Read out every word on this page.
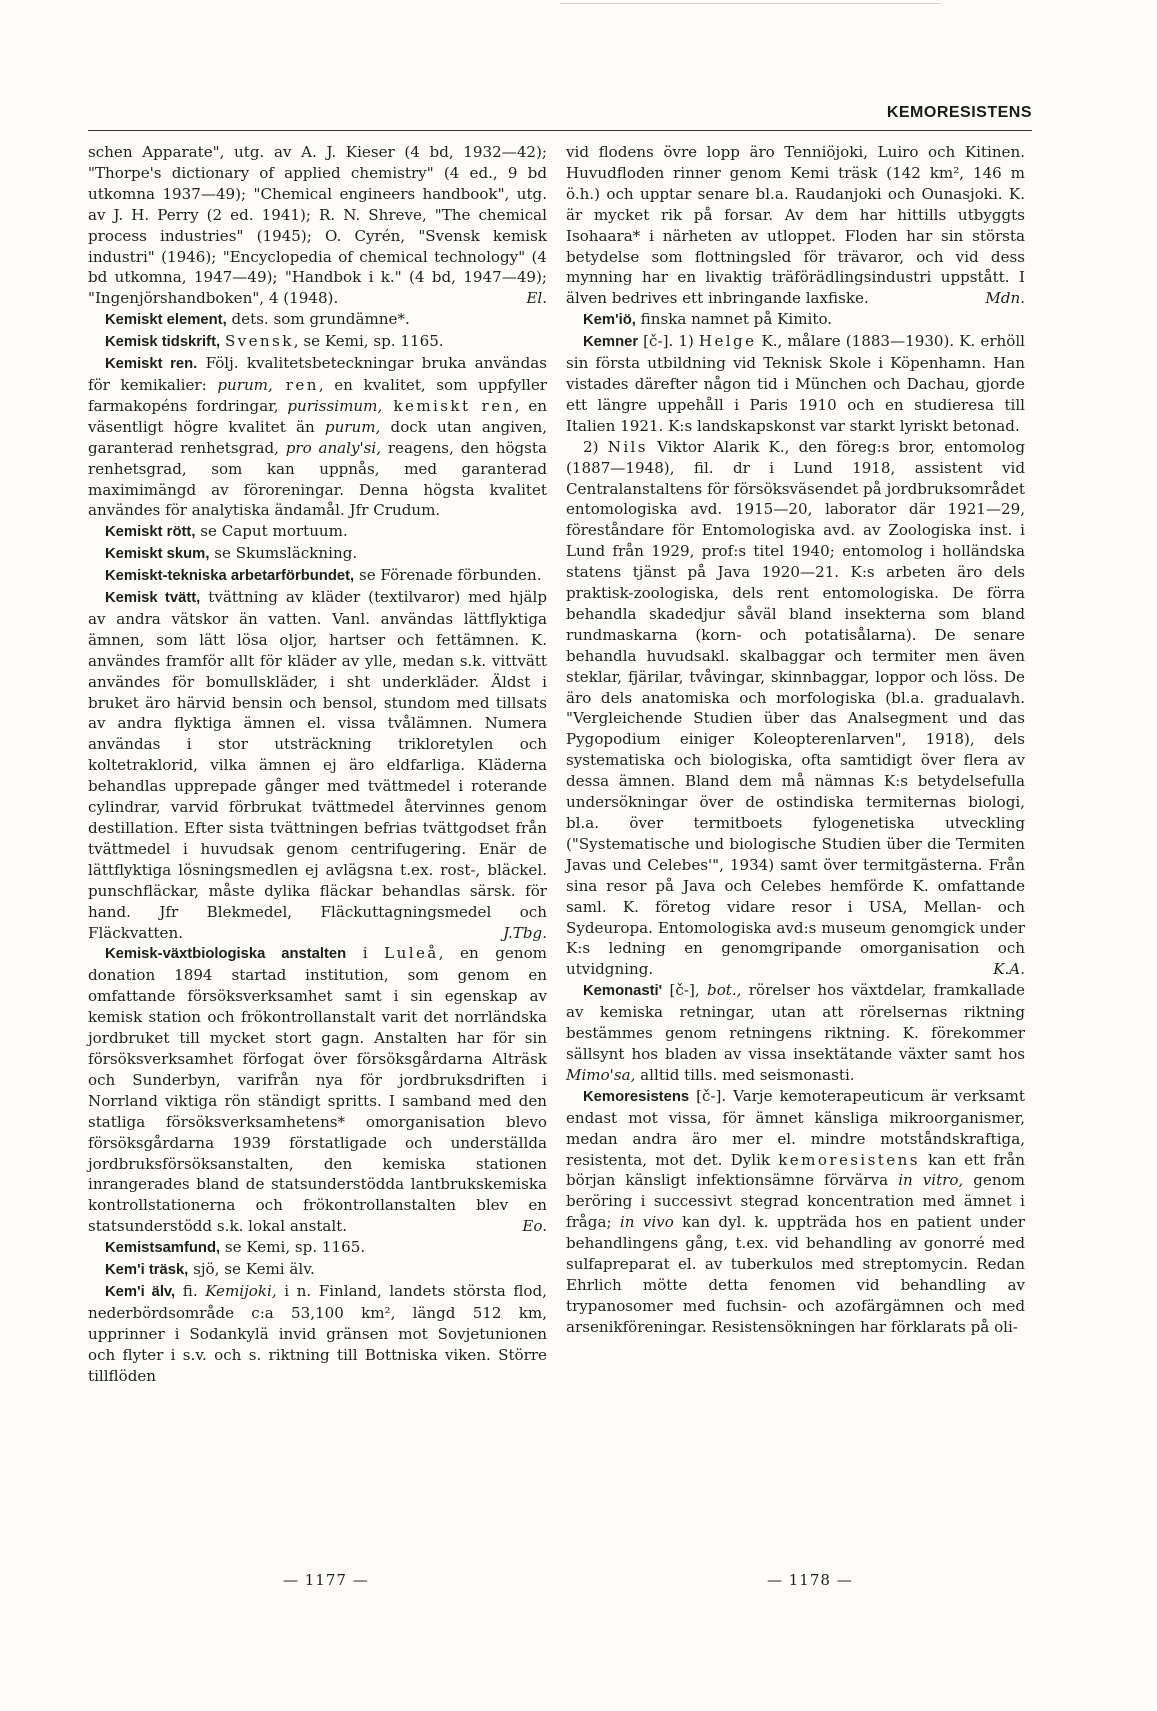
KEMORESISTENS

schen Apparate", utg. av A. J. Kieser (4 bd, 1932—42); "Thorpe's dictionary of applied chemistry" (4 ed., 9 bd utkomna 1937—49); "Chemical engineers handbook", utg. av J. H. Perry (2 ed. 1941); R. N. Shreve, "The chemical process industries" (1945); O. Cyrén, "Svensk kemisk industri" (1946); "Encyclopedia of chemical technology" (4 bd utkomna, 1947—49); "Handbok i k." (4 bd, 1947—49); "Ingenjörshandboken", 4 (1948).	El.

Kemiskt element, dets. som grundämne*.

Kemisk tidskrift, Svensk, se Kemi, sp. 1165.

Kemiskt ren. Följ. kvalitetsbeteckningar bruka användas för kemikalier: purum, ren, en kvalitet, som uppfyller farmakopéns fordringar, purissimum, kemiskt ren, en väsentligt högre kvalitet än purum, dock utan angiven, garanterad renhetsgrad, pro analy'si, reagens, den högsta renhetsgrad, som kan uppnås, med garanterad maximimängd av föroreningar. Denna högsta kvalitet användes för analytiska ändamål. Jfr Crudum.

Kemiskt rött, se Caput mortuum.

Kemiskt skum, se Skumsläckning.

Kemiskt-tekniska arbetarförbundet, se Förenade förbunden.

Kemisk tvätt, tvättning av kläder (textilvaror) med hjälp av andra vätskor än vatten. Vanl. användas lättflyktiga ämnen, som lätt lösa oljor, hartser och fettämnen. K. användes framför allt för kläder av ylle, medan s.k. vittvätt användes för bomullskläder, i sht underkläder. Äldst i bruket äro härvid bensin och bensol, stundom med tillsats av andra flyktiga ämnen el. vissa tvålämnen. Numera användas i stor utsträckning trikloretylen och koltetraklorid, vilka ämnen ej äro eldfarliga. Kläderna behandlas upprepade gånger med tvättmedel i roterande cylindrar, varvid förbrukat tvättmedel återvinnes genom destillation. Efter sista tvättningen befrias tvättgodset från tvättmedel i huvudsak genom centrifugering. Enär de lättflyktiga lösningsmedlen ej avlägsna t.ex. rost-, bläckel. punschfläckar, måste dylika fläckar behandlas särsk. för hand. Jfr Blekmedel, Fläckuttagningsmedel och Fläckvatten.	J.Tbg.

Kemisk-växtbiologiska anstalten i Luleå, en genom donation 1894 startad institution, som genom en omfattande försöksverksamhet samt i sin egenskap av kemisk station och frökontrollanstalt varit det norrländska jordbruket till mycket stort gagn. Anstalten har för sin försöksverksamhet förfogat över försöksgårdarna Alträsk och Sunderbyn, varifrån nya för jordbruksdriften i Norrland viktiga rön ständigt spritts. I samband med den statliga försöksverksamhetens* omorganisation blevo försöksgårdarna 1939 förstatligade och underställda jordbruksförsöksanstalten, den kemiska stationen inrangerades bland de statsunderstödda lantbrukskemiska kontrollstationerna och frökontrollanstalten blev en statsunderstödd s.k. lokal anstalt.	Eo.

Kemistsamfund, se Kemi, sp. 1165.

Kem'i träsk, sjö, se Kemi älv.

Kem'i älv, fi. Kemijoki, i n. Finland, landets största flod, nederbördsområde c:a 53,100 km², längd 512 km, upprinner i Sodankylä invid gränsen mot Sovjetunionen och flyter i s.v. och s. riktning till Bottniska viken. Större tillflöden

vid flodens övre lopp äro Tenniöjoki, Luiro och Kitinen. Huvudfloden rinner genom Kemi träsk (142 km², 146 m ö.h.) och upptar senare bl.a. Raudanjoki och Ounasjoki. K. är mycket rik på forsar. Av dem har hittills utbyggts Isohaara* i närheten av utloppet. Floden har sin största betydelse som flottningsled för trävaror, och vid dess mynning har en livaktig träförädlingsindustri uppstått. I älven bedrives ett inbringande laxfiske.	Mdn.

Kem'iö, finska namnet på Kimito.

Kemner [č-]. 1) Helge K., målare (1883—1930). K. erhöll sin första utbildning vid Teknisk Skole i Köpenhamn. Han vistades därefter någon tid i München och Dachau, gjorde ett längre uppehåll i Paris 1910 och en studieresa till Italien 1921. K:s landskapskonst var starkt lyriskt betonad.

2) Nils Viktor Alarik K., den föreg:s bror, entomolog (1887—1948), fil. dr i Lund 1918, assistent vid Centralanstaltens för försöksväsendet på jordbruksområdet entomologiska avd. 1915—20, laborator där 1921—29, föreståndare för Entomologiska avd. av Zoologiska inst. i Lund från 1929, prof:s titel 1940; entomolog i holländska statens tjänst på Java 1920—21. K:s arbeten äro dels praktisk-zoologiska, dels rent entomologiska. De förra behandla skadedjur såväl bland insekterna som bland rundmaskarna (korn- och potatisålarna). De senare behandla huvudsakl. skalbaggar och termiter men även steklar, fjärilar, tvåvingar, skinnbaggar, loppor och löss. De äro dels anatomiska och morfologiska (bl.a. gradualavh. "Vergleichende Studien über das Analsegment und das Pygopodium einiger Koleopterenlarven", 1918), dels systematiska och biologiska, ofta samtidigt över flera av dessa ämnen. Bland dem må nämnas K:s betydelsefulla undersökningar över de ostindiska termiternas biologi, bl.a. över termitboets fylogenetiska utveckling ("Systematische und biologische Studien über die Termiten Javas und Celebes'", 1934) samt över termitgästerna. Från sina resor på Java och Celebes hemförde K. omfattande saml. K. företog vidare resor i USA, Mellan- och Sydeuropa. Entomologiska avd:s museum genomgick under K:s ledning en genomgripande omorganisation och utvidgning.	K.A.

Kemonasti' [č-], bot., rörelser hos växtdelar, framkallade av kemiska retningar, utan att rörelsernas riktning bestämmes genom retningens riktning. K. förekommer sällsynt hos bladen av vissa insektätande växter samt hos Mimo'sa, alltid tills. med seismonasti.

Kemoresistens [č-]. Varje kemoterapeuticum är verksamt endast mot vissa, för ämnet känsliga mikroorganismer, medan andra äro mer el. mindre motståndskraftiga, resistenta, mot det. Dylik kemoresistens kan ett från början känsligt infektionsämne förvärva in vitro, genom beröring i successivt stegrad koncentration med ämnet i fråga; in vivo kan dyl. k. uppträda hos en patient under behandlingens gång, t.ex. vid behandling av gonorré med sulfapreparat el. av tuberkulos med streptomycin. Redan Ehrlich mötte detta fenomen vid behandling av trypanosomer med fuchsin- och azofärgämnen och med arsenikföreningar. Resistensökningen har förklarats på oli-

— 1177 —	— 1178 —
